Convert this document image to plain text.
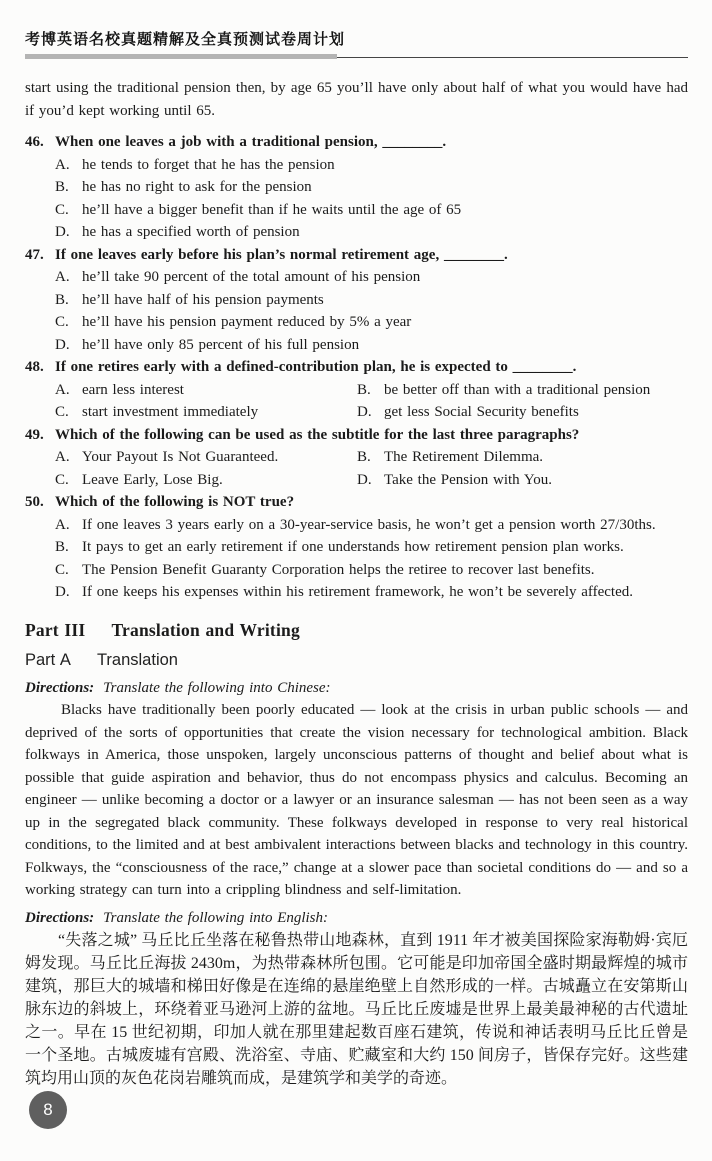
考博英语名校真题精解及全真预测试卷周计划

start using the traditional pension then, by age 65 you’ll have only about half of what you would have had if you’d kept working until 65.

46. When one leaves a job with a traditional pension, ________.
A. he tends to forget that he has the pension
B. he has no right to ask for the pension
C. he’ll have a bigger benefit than if he waits until the age of 65
D. he has a specified worth of pension
47. If one leaves early before his plan’s normal retirement age, ________.
A. he’ll take 90 percent of the total amount of his pension
B. he’ll have half of his pension payments
C. he’ll have his pension payment reduced by 5% a year
D. he’ll have only 85 percent of his full pension
48. If one retires early with a defined-contribution plan, he is expected to ________.
A. earn less interest	B. be better off than with a traditional pension
C. start investment immediately	D. get less Social Security benefits
49. Which of the following can be used as the subtitle for the last three paragraphs?
A. Your Payout Is Not Guaranteed.	B. The Retirement Dilemma.
C. Leave Early, Lose Big.	D. Take the Pension with You.
50. Which of the following is NOT true?
A. If one leaves 3 years early on a 30-year-service basis, he won’t get a pension worth 27/30ths.
B. It pays to get an early retirement if one understands how retirement pension plan works.
C. The Pension Benefit Guaranty Corporation helps the retiree to recover last benefits.
D. If one keeps his expenses within his retirement framework, he won’t be severely affected.
Part III Translation and Writing
Part A Translation
Directions: Translate the following into Chinese:

Blacks have traditionally been poorly educated — look at the crisis in urban public schools — and deprived of the sorts of opportunities that create the vision necessary for technological ambition. Black folkways in America, those unspoken, largely unconscious patterns of thought and belief about what is possible that guide aspiration and behavior, thus do not encompass physics and calculus. Becoming an engineer — unlike becoming a doctor or a lawyer or an insurance salesman — has not been seen as a way up in the segregated black community. These folkways developed in response to very real historical conditions, to the limited and at best ambivalent interactions between blacks and technology in this country. Folkways, the “consciousness of the race,” change at a slower pace than societal conditions do — and so a working strategy can turn into a crippling blindness and self-limitation.

Directions: Translate the following into English:

“失落之城” 马丘比丘坐落在秘鲁热带山地森林，直到 1911 年才被美国探险家海勒姆·宾厄姆发现。马丘比丘海拔 2430m，为热带森林所包围。它可能是印加帝国全盛时期最辉煌的城市建筑，那巨大的城墙和梯田好像是在连绵的悬崖绝壁上自然形成的一样。古城矗立在安第斯山脉东边的斜坡上，环绕着亚马逊河上游的盆地。马丘比丘废墟是世界上最美最神秘的古代遗址之一。早在 15 世纪初期，印加人就在那里建起数百座石建筑，传说和神话表明马丘比丘曾是一个圣地。古城废墟有宫殿、洗浴室、寺庙、贮藏室和大约 150 间房子，皆保存完好。这些建筑均用山顶的灰色花岗岩雕筑而成，是建筑学和美学的奇迹。

8
